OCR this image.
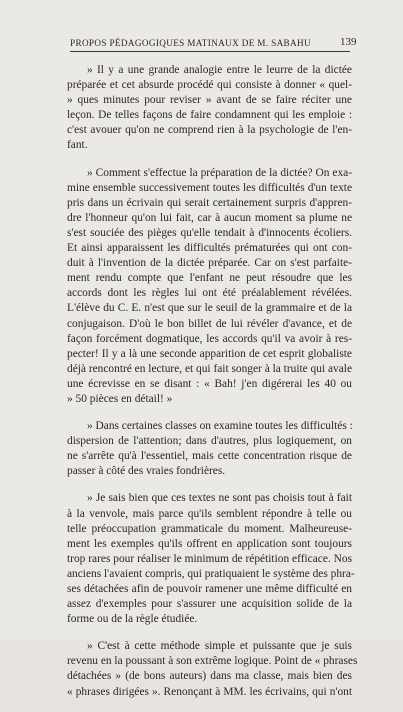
PROPOS PÉDAGOGIQUES MATINAUX DE M. SABAHU	139
» Il y a une grande analogie entre le leurre de la dictée
préparée et cet absurde procédé qui consiste à donner « quel-
» ques minutes pour reviser » avant de se faire réciter une
leçon. De telles façons de faire condamnent qui les emploie :
c'est avouer qu'on ne comprend rien à la psychologie de l'en-
fant.
» Comment s'effectue la préparation de la dictée? On exa-
mine ensemble successivement toutes les difficultés d'un texte
pris dans un écrivain qui serait certainement surpris d'appren-
dre l'honneur qu'on lui fait, car à aucun moment sa plume ne
s'est souciée des pièges qu'elle tendait à d'innocents écoliers.
Et ainsi apparaissent les difficultés prématurées qui ont con-
duit à l'invention de la dictée préparée. Car on s'est parfaite-
ment rendu compte que l'enfant ne peut résoudre que les
accords dont les règles lui ont été préalablement révélées.
L'élève du C. E. n'est que sur le seuil de la grammaire et de la
conjugaison. D'où le bon billet de lui révéler d'avance, et de
façon forcément dogmatique, les accords qu'il va avoir à res-
pecter! Il y a là une seconde apparition de cet esprit globaliste
déjà rencontré en lecture, et qui fait songer à la truite qui avale
une écrevisse en se disant : « Bah! j'en digérerai les 40 ou
» 50 pièces en détail! »
» Dans certaines classes on examine toutes les difficultés :
dispersion de l'attention; dans d'autres, plus logiquement, on
ne s'arrête qu'à l'essentiel, mais cette concentration risque de
passer à côté des vraies fondrières.
» Je sais bien que ces textes ne sont pas choisis tout à fait
à la venvole, mais parce qu'ils semblent répondre à telle ou
telle préoccupation grammaticale du moment. Malheureuse-
ment les exemples qu'ils offrent en application sont toujours
trop rares pour réaliser le minimum de répétition efficace. Nos
anciens l'avaient compris, qui pratiquaient le système des phra-
ses détachées afin de pouvoir ramener une même difficulté en
assez d'exemples pour s'assurer une acquisition solide de la
forme ou de la règle étudiée.
» C'est à cette méthode simple et puissante que je suis
revenu en la poussant à son extrême logique. Point de « phrases
détachées » (de bons auteurs) dans ma classe, mais bien des
« phrases dirigées ». Renonçant à MM. les écrivains, qui n'ont
